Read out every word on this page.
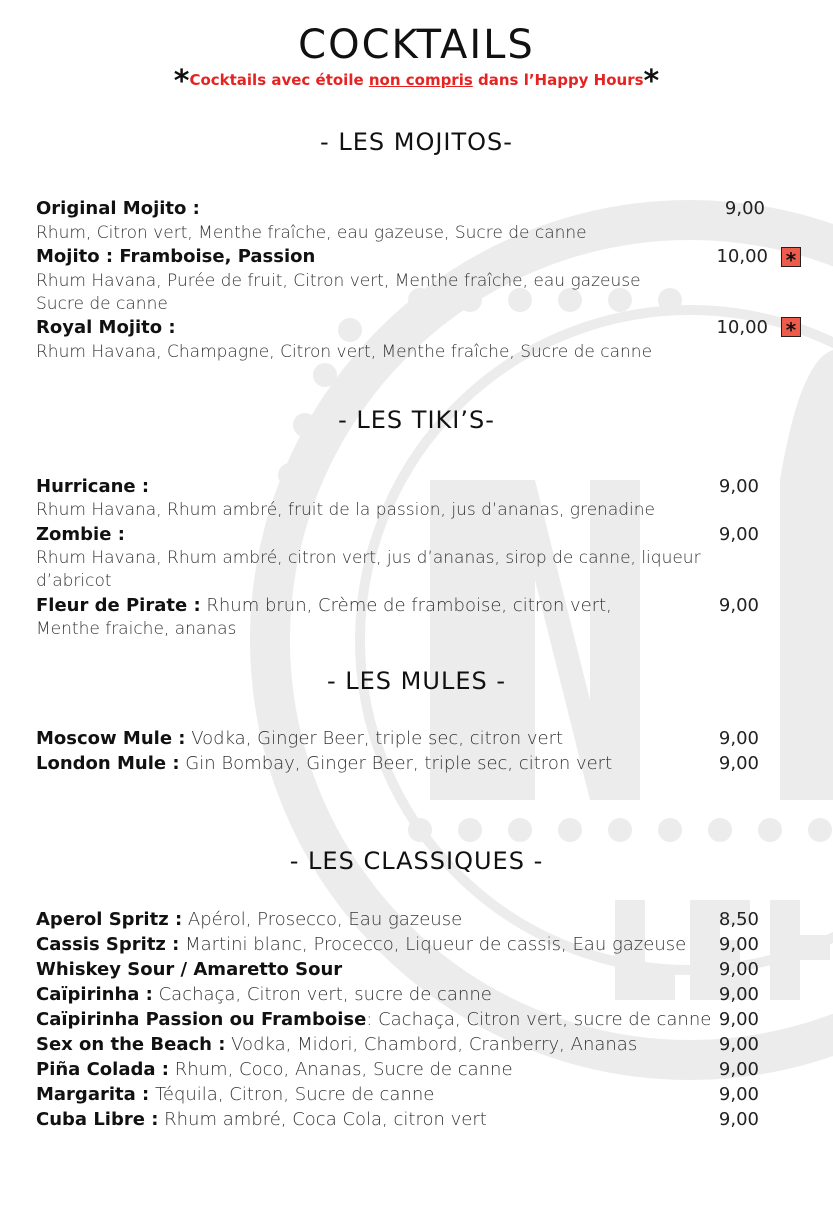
COCKTAILS
*Cocktails avec étoile non compris dans l’Happy Hours*
- LES MOJITOS-
Original Mojito :	9,00
Rhum, Citron vert, Menthe fraîche, eau gazeuse, Sucre de canne
Mojito : Framboise, Passion	10,00 *
Rhum Havana, Purée de fruit, Citron vert, Menthe fraîche, eau gazeuse
Sucre de canne
Royal Mojito :	10,00 *
Rhum Havana, Champagne, Citron vert, Menthe fraîche, Sucre de canne
- LES TIKI’S-
Hurricane :	9,00
Rhum Havana, Rhum ambré, fruit de la passion, jus d’ananas, grenadine
Zombie :	9,00
Rhum Havana, Rhum ambré, citron vert, jus d’ananas, sirop de canne, liqueur
d’abricot
Fleur de Pirate : Rhum brun, Crème de framboise, citron vert,	9,00
Menthe fraiche, ananas
- LES MULES -
Moscow Mule : Vodka, Ginger Beer, triple sec, citron vert	9,00
London Mule : Gin Bombay, Ginger Beer, triple sec, citron vert	9,00
- LES CLASSIQUES -
Aperol Spritz : Apérol, Prosecco, Eau gazeuse	8,50
Cassis Spritz : Martini blanc, Procecco, Liqueur de cassis, Eau gazeuse	9,00
Whiskey Sour / Amaretto Sour	9,00
Caïpirinha : Cachaça, Citron vert, sucre de canne	9,00
Caïpirinha Passion ou Framboise: Cachaça, Citron vert, sucre de canne 9,00
Sex on the Beach : Vodka, Midori, Chambord, Cranberry, Ananas	9,00
Piña Colada : Rhum, Coco, Ananas, Sucre de canne	9,00
Margarita : Téquila, Citron, Sucre de canne	9,00
Cuba Libre : Rhum ambré, Coca Cola, citron vert	9,00
